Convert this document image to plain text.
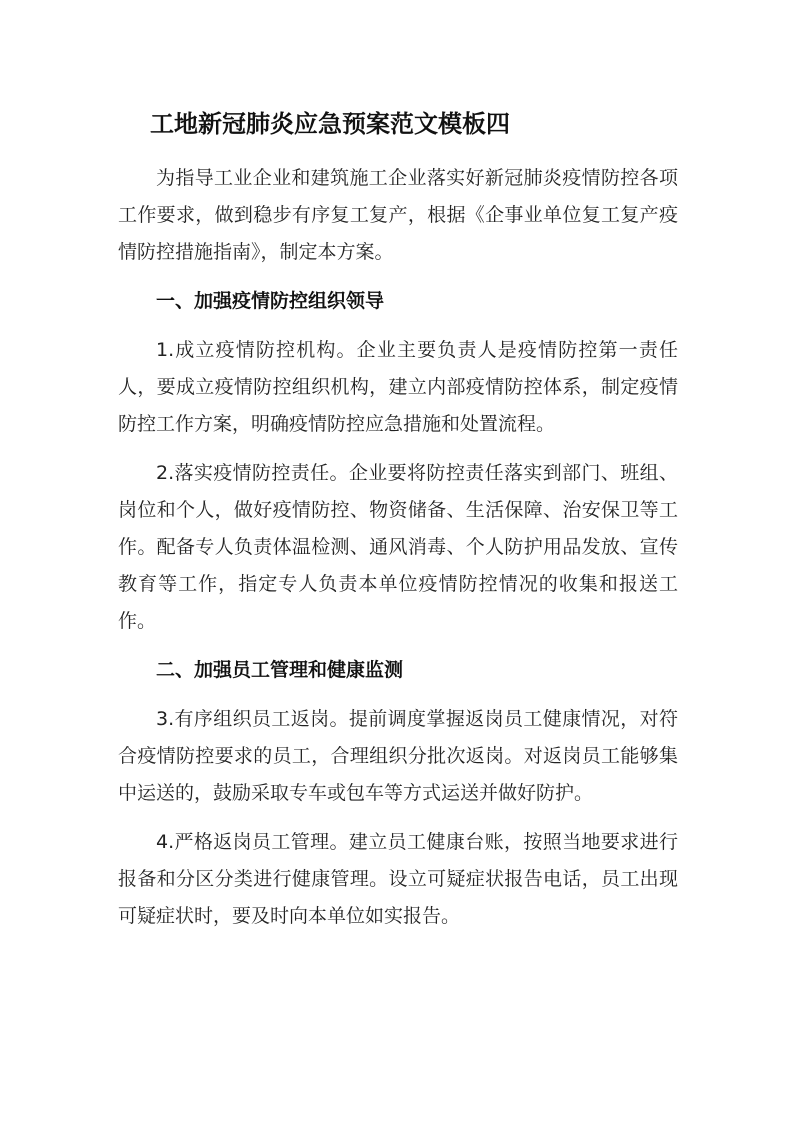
工地新冠肺炎应急预案范文模板四

为指导工业企业和建筑施工企业落实好新冠肺炎疫情防控各项工作要求，做到稳步有序复工复产，根据《企事业单位复工复产疫情防控措施指南》，制定本方案。

一、加强疫情防控组织领导

1.成立疫情防控机构。企业主要负责人是疫情防控第一责任人，要成立疫情防控组织机构，建立内部疫情防控体系，制定疫情防控工作方案，明确疫情防控应急措施和处置流程。

2.落实疫情防控责任。企业要将防控责任落实到部门、班组、岗位和个人，做好疫情防控、物资储备、生活保障、治安保卫等工作。配备专人负责体温检测、通风消毒、个人防护用品发放、宣传教育等工作，指定专人负责本单位疫情防控情况的收集和报送工作。

二、加强员工管理和健康监测

3.有序组织员工返岗。提前调度掌握返岗员工健康情况，对符合疫情防控要求的员工，合理组织分批次返岗。对返岗员工能够集中运送的，鼓励采取专车或包车等方式运送并做好防护。

4.严格返岗员工管理。建立员工健康台账，按照当地要求进行报备和分区分类进行健康管理。设立可疑症状报告电话，员工出现可疑症状时，要及时向本单位如实报告。
